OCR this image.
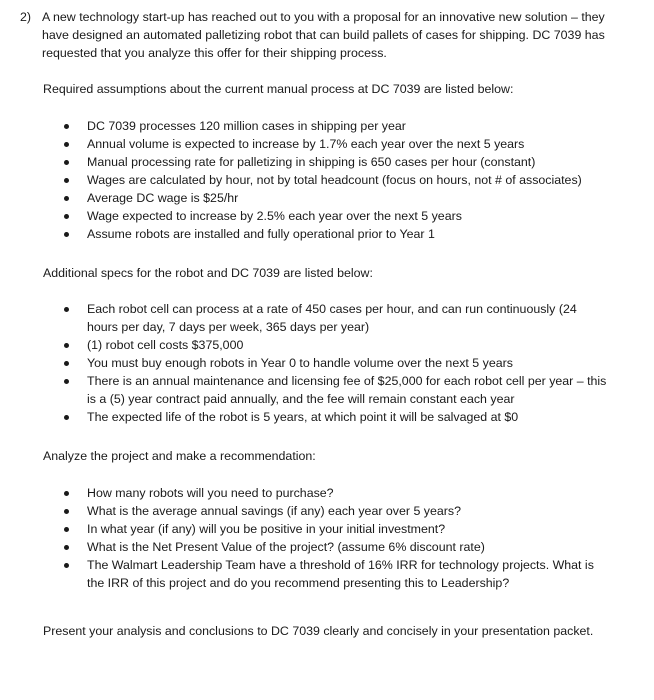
2) A new technology start-up has reached out to you with a proposal for an innovative new solution – they have designed an automated palletizing robot that can build pallets of cases for shipping. DC 7039 has requested that you analyze this offer for their shipping process.
Required assumptions about the current manual process at DC 7039 are listed below:
DC 7039 processes 120 million cases in shipping per year
Annual volume is expected to increase by 1.7% each year over the next 5 years
Manual processing rate for palletizing in shipping is 650 cases per hour (constant)
Wages are calculated by hour, not by total headcount (focus on hours, not # of associates)
Average DC wage is $25/hr
Wage expected to increase by 2.5% each year over the next 5 years
Assume robots are installed and fully operational prior to Year 1
Additional specs for the robot and DC 7039 are listed below:
Each robot cell can process at a rate of 450 cases per hour, and can run continuously (24 hours per day, 7 days per week, 365 days per year)
(1) robot cell costs $375,000
You must buy enough robots in Year 0 to handle volume over the next 5 years
There is an annual maintenance and licensing fee of $25,000 for each robot cell per year – this is a (5) year contract paid annually, and the fee will remain constant each year
The expected life of the robot is 5 years, at which point it will be salvaged at $0
Analyze the project and make a recommendation:
How many robots will you need to purchase?
What is the average annual savings (if any) each year over 5 years?
In what year (if any) will you be positive in your initial investment?
What is the Net Present Value of the project? (assume 6% discount rate)
The Walmart Leadership Team have a threshold of 16% IRR for technology projects. What is the IRR of this project and do you recommend presenting this to Leadership?
Present your analysis and conclusions to DC 7039 clearly and concisely in your presentation packet.
